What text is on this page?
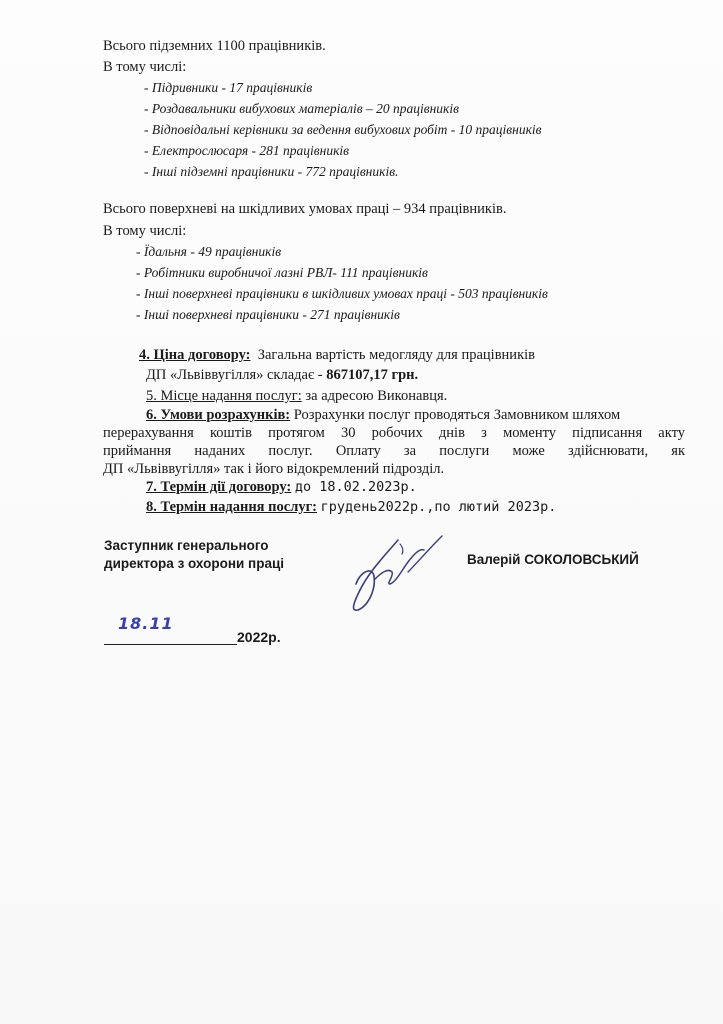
Всього підземних 1100 працівників.
В тому числі:
- Підривники - 17 працівників
- Роздавальники вибухових матеріалів – 20 працівників
- Відповідальні керівники за ведення вибухових робіт - 10 працівників
- Електрослюсаря - 281 працівників
- Інші підземні працівники - 772 працівників.
Всього поверхневі на шкідливих умовах праці – 934 працівників.
В тому числі:
- Їдальня - 49 працівників
- Робітники виробничої лазні РВЛ- 111 працівників
- Інші поверхневі працівники в шкідливих умовах праці - 503 працівників
- Інші поверхневі працівники - 271 працівників
4. Ціна договору: Загальна вартість медогляду для працівників
ДП «Львіввугілля» складає - 867107,17 грн.
5. Місце надання послуг: за адресою Виконавця.
6. Умови розрахунків: Розрахунки послуг проводяться Замовником шляхом
перерахування коштів протягом 30 робочих днів з моменту підписання акту
приймання наданих послуг. Оплату за послуги може здійснювати, як
ДП «Львіввугілля» так і його відокремлений підрозділ.
7. Термін дії договору: до 18.02.2023р.
8. Термін надання послуг: грудень2022р.,по лютий 2023р.
Заступник генерального
директора з охорони праці	Валерій СОКОЛОВСЬКИЙ
18.11
2022р.
